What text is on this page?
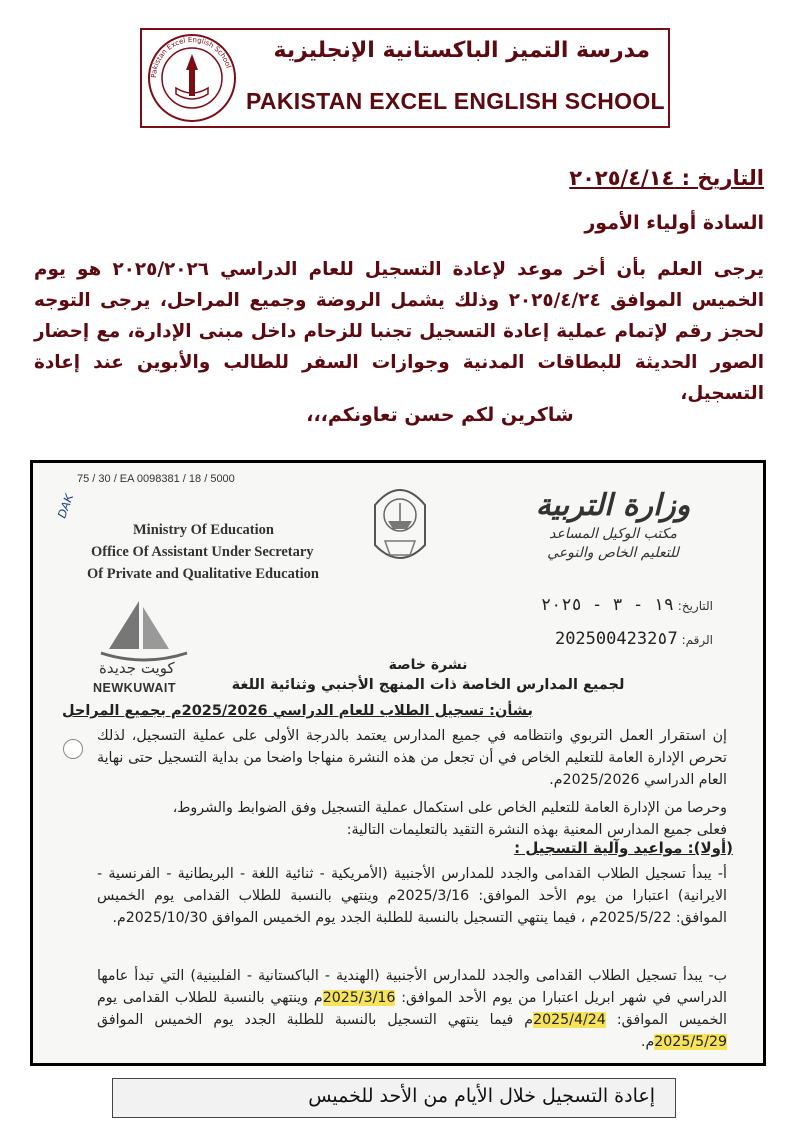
Pakistan Excel English School
مدرسة التميز الباكستانية الإنجليزية
PAKISTAN EXCEL ENGLISH SCHOOL
التاريخ : ٢٠٢٥/٤/١٤
السادة أولياء الأمور
يرجى العلم بأن أخر موعد لإعادة التسجيل للعام الدراسي ٢٠٢٥/٢٠٢٦ هو يوم الخميس الموافق ٢٠٢٥/٤/٢٤ وذلك يشمل الروضة وجميع المراحل، يرجى التوجه لحجز رقم لإتمام عملية إعادة التسجيل تجنبا للزحام داخل مبنى الإدارة، مع إحضار الصور الحديثة للبطاقات المدنية وجوازات السفر للطالب والأبوين عند إعادة التسجيل،
شاكرين لكم حسن تعاونكم،،،
75 / 30 / EA 0098381 / 18 / 5000
DAK
Ministry Of Education
Office Of Assistant Under Secretary
Of Private and Qualitative Education
وزارة التربية
مكتب الوكيل المساعد
للتعليم الخاص والنوعي
كويت جديدة
NEWKUWAIT
التاريخ: ١٩ - ٣ - ٢٠٢٥
الرقم: 2025004232٥7
نشرة خاصة
لجميع المدارس الخاصة ذات المنهج الأجنبي وثنائية اللغة
بشأن: تسجيل الطلاب للعام الدراسي 2025/2026م بجميع المراحل
إن استقرار العمل التربوي وانتظامه في جميع المدارس يعتمد بالدرجة الأولى على عملية التسجيل، لذلك تحرص الإدارة العامة للتعليم الخاص في أن تجعل من هذه النشرة منهاجا واضحا من بداية التسجيل حتى نهاية العام الدراسي 2025/2026م.
وحرصا من الإدارة العامة للتعليم الخاص على استكمال عملية التسجيل وفق الضوابط والشروط،
فعلى جميع المدارس المعنية بهذه النشرة التقيد بالتعليمات التالية:
(أولا): مواعيد وآلية التسجيل :
أ- يبدأ تسجيل الطلاب القدامى والجدد للمدارس الأجنبية (الأمريكية - ثنائية اللغة - البريطانية - الفرنسية - الايرانية) اعتبارا من يوم الأحد الموافق: 2025/3/16م وينتهي بالنسبة للطلاب القدامى يوم الخميس الموافق: 2025/5/22م ، فيما ينتهي التسجيل بالنسبة للطلبة الجدد يوم الخميس الموافق 2025/10/30م.
ب- يبدأ تسجيل الطلاب القدامى والجدد للمدارس الأجنبية (الهندية - الباكستانية - الفلبينية) التي تبدأ عامها الدراسي في شهر ابريل اعتبارا من يوم الأحد الموافق: 2025/3/16م وينتهي بالنسبة للطلاب القدامى يوم الخميس الموافق: 2025/4/24م فيما ينتهي التسجيل بالنسبة للطلبة الجدد يوم الخميس الموافق 2025/5/29م.
إعادة التسجيل خلال الأيام من الأحد للخميس
